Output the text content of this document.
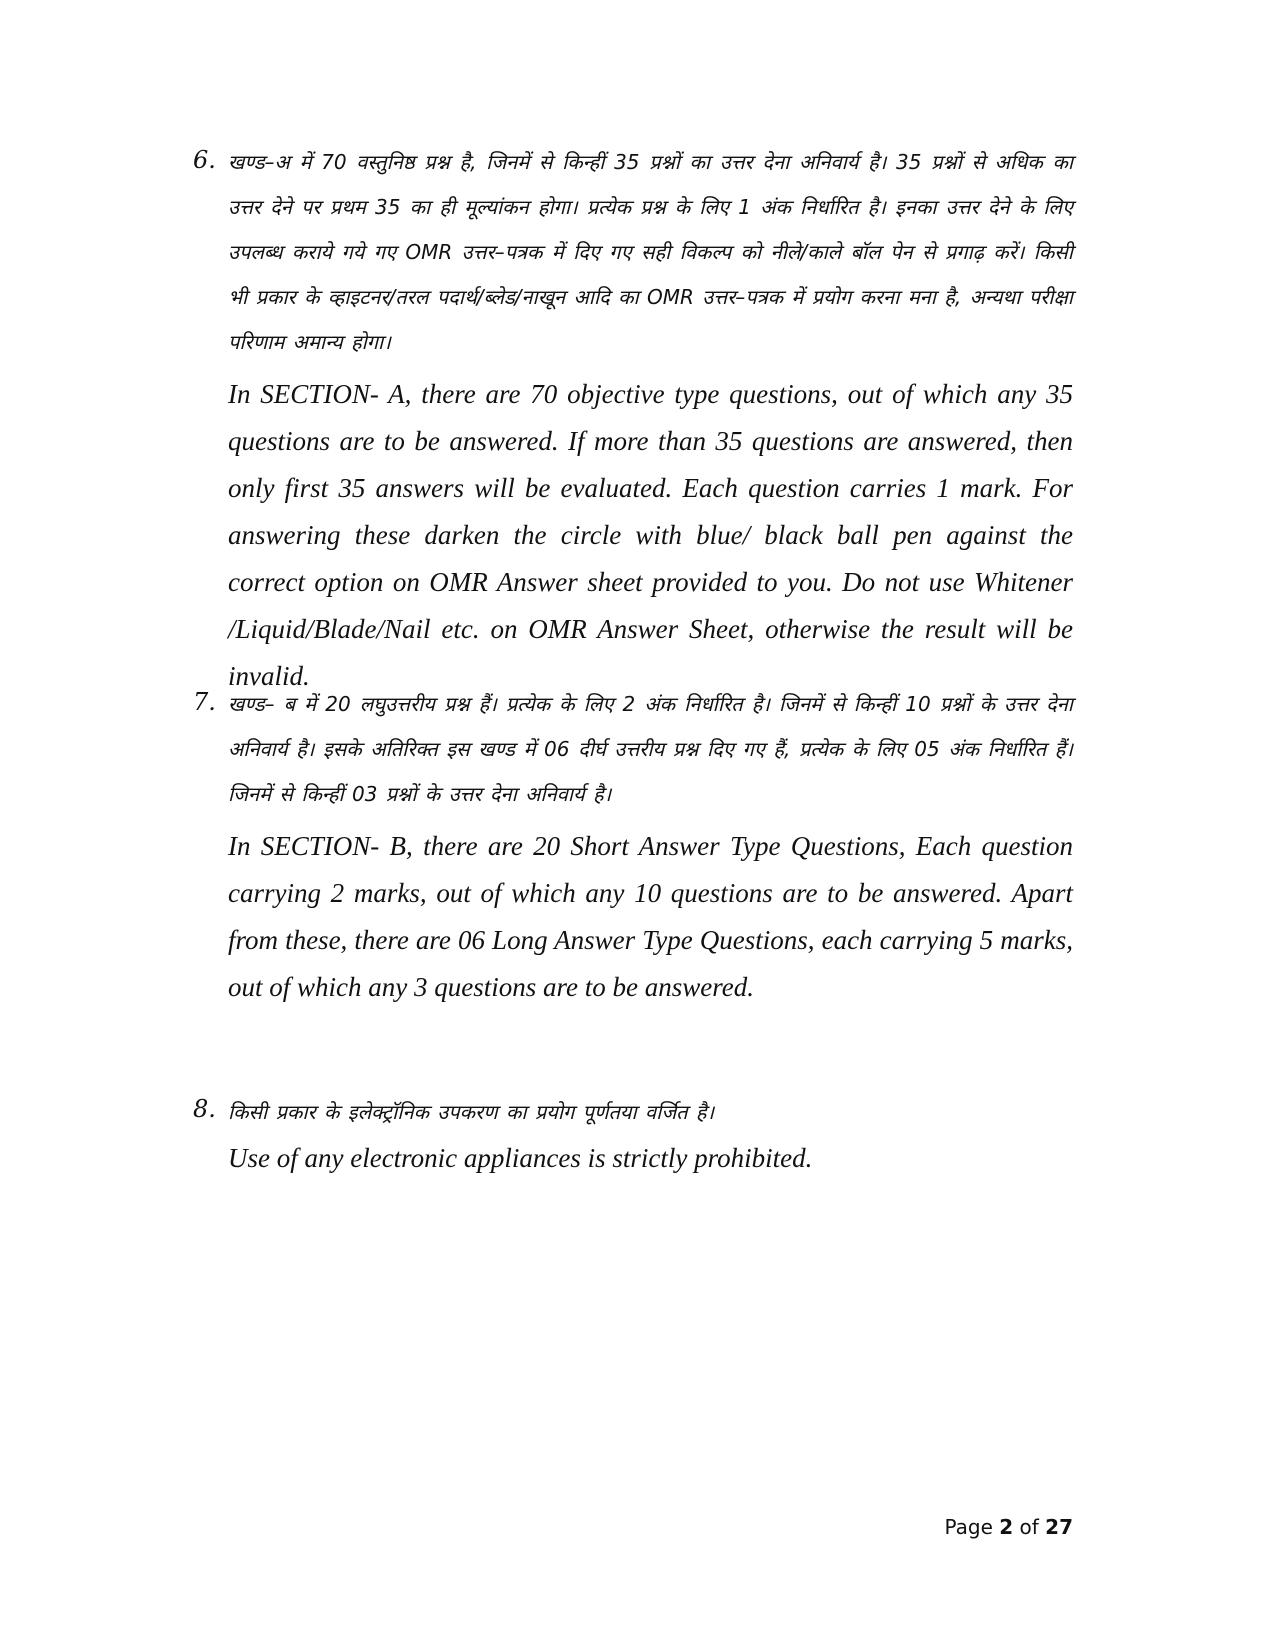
6. खण्ड–अ में 70 वस्तुनिष्ठ प्रश्न है, जिनमें से किन्हीं 35 प्रश्नों का उत्तर देना अनिवार्य है। 35 प्रश्नों से अधिक का उत्तर देने पर प्रथम 35 का ही मूल्यांकन होगा। प्रत्येक प्रश्न के लिए 1 अंक निर्धारित है। इनका उत्तर देने के लिए उपलब्ध कराये गये गए OMR उत्तर–पत्रक में दिए गए सही विकल्प को नीले/काले बॉल पेन से प्रगाढ़ करें। किसी भी प्रकार के व्हाइटनर/तरल पदार्थ/ब्लेड/नाखून आदि का OMR उत्तर–पत्रक में प्रयोग करना मना है, अन्यथा परीक्षा परिणाम अमान्य होगा।
In SECTION- A, there are 70 objective type questions, out of which any 35 questions are to be answered. If more than 35 questions are answered, then only first 35 answers will be evaluated. Each question carries 1 mark. For answering these darken the circle with blue/ black ball pen against the correct option on OMR Answer sheet provided to you. Do not use Whitener /Liquid/Blade/Nail etc. on OMR Answer Sheet, otherwise the result will be invalid.
7. खण्ड– ब में 20 लघुउत्तरीय प्रश्न हैं। प्रत्येक के लिए 2 अंक निर्धारित है। जिनमें से किन्हीं 10 प्रश्नों के उत्तर देना अनिवार्य है। इसके अतिरिक्त इस खण्ड में 06 दीर्घ उत्तरीय प्रश्न दिए गए हैं, प्रत्येक के लिए 05 अंक निर्धारित हैं। जिनमें से किन्हीं 03 प्रश्नों के उत्तर देना अनिवार्य है।
In SECTION- B, there are 20 Short Answer Type Questions, Each question carrying 2 marks, out of which any 10 questions are to be answered. Apart from these, there are 06 Long Answer Type Questions, each carrying 5 marks, out of which any 3 questions are to be answered.
8. किसी प्रकार के इलेक्ट्रॉनिक उपकरण का प्रयोग पूर्णतया वर्जित है।
Use of any electronic appliances is strictly prohibited.
Page 2 of 27
